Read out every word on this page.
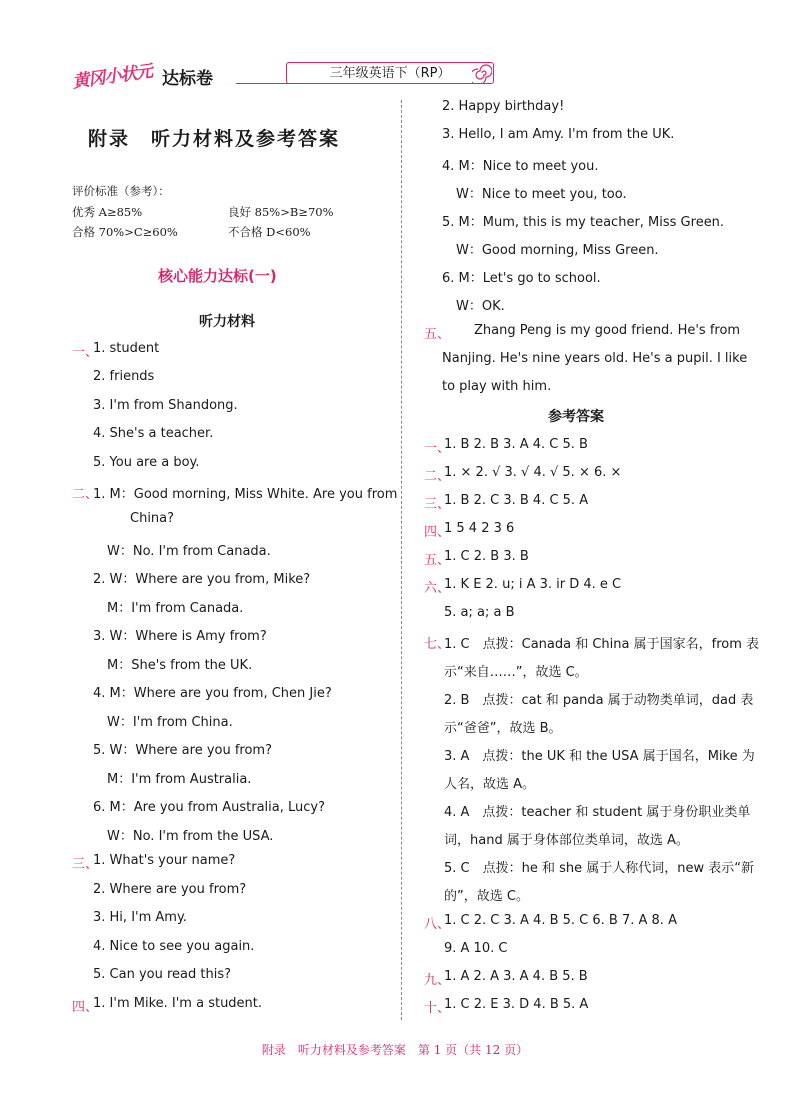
黄冈小状元 达标卷	三年级英语下（RP）
附录　听力材料及参考答案
评价标准（参考）：
优秀 A≥85%	良好 85%>B≥70%
合格 70%>C≥60%	不合格 D<60%
核心能力达标(一)
听力材料
一、
1. student
2. friends
3. I'm from Shandong.
4. She's a teacher.
5. You are a boy.
二、
1. M：Good morning, Miss White. Are you from
China?
W：No. I'm from Canada.
2. W：Where are you from, Mike?
M：I'm from Canada.
3. W：Where is Amy from?
M：She's from the UK.
4. M：Where are you from, Chen Jie?
W：I'm from China.
5. W：Where are you from?
M：I'm from Australia.
6. M：Are you from Australia, Lucy?
W：No. I'm from the USA.
三、
1. What's your name?
2. Where are you from?
3. Hi, I'm Amy.
4. Nice to see you again.
5. Can you read this?
四、
1. I'm Mike. I'm a student.
2. Happy birthday!
3. Hello, I am Amy. I'm from the UK.
4. M：Nice to meet you.
W：Nice to meet you, too.
5. M：Mum, this is my teacher, Miss Green.
W：Good morning, Miss Green.
6. M：Let's go to school.
W：OK.
五、 Zhang Peng is my good friend. He's from
Nanjing. He's nine years old. He's a pupil. I like
to play with him.
参考答案
一、
1. B 2. B 3. A 4. C 5. B
二、
1. × 2. √ 3. √ 4. √ 5. × 6. ×
三、
1. B 2. C 3. B 4. C 5. A
四、
1 5 4 2 3 6
五、
1. C 2. B 3. B
六、
1. K E 2. u; i A 3. ir D 4. e C
5. a; a; a B
七、
1. C　点拨：Canada 和 China 属于国家名，from 表
示“来自……”，故选 C。
2. B　点拨：cat 和 panda 属于动物类单词，dad 表
示“爸爸”，故选 B。
3. A　点拨：the UK 和 the USA 属于国名，Mike 为
人名，故选 A。
4. A　点拨：teacher 和 student 属于身份职业类单
词，hand 属于身体部位类单词，故选 A。
5. C　点拨：he 和 she 属于人称代词，new 表示“新
的”，故选 C。
八、
1. C 2. C 3. A 4. B 5. C 6. B 7. A 8. A
9. A 10. C
九、
1. A 2. A 3. A 4. B 5. B
十、
1. C 2. E 3. D 4. B 5. A
附录　听力材料及参考答案　第 1 页（共 12 页）
